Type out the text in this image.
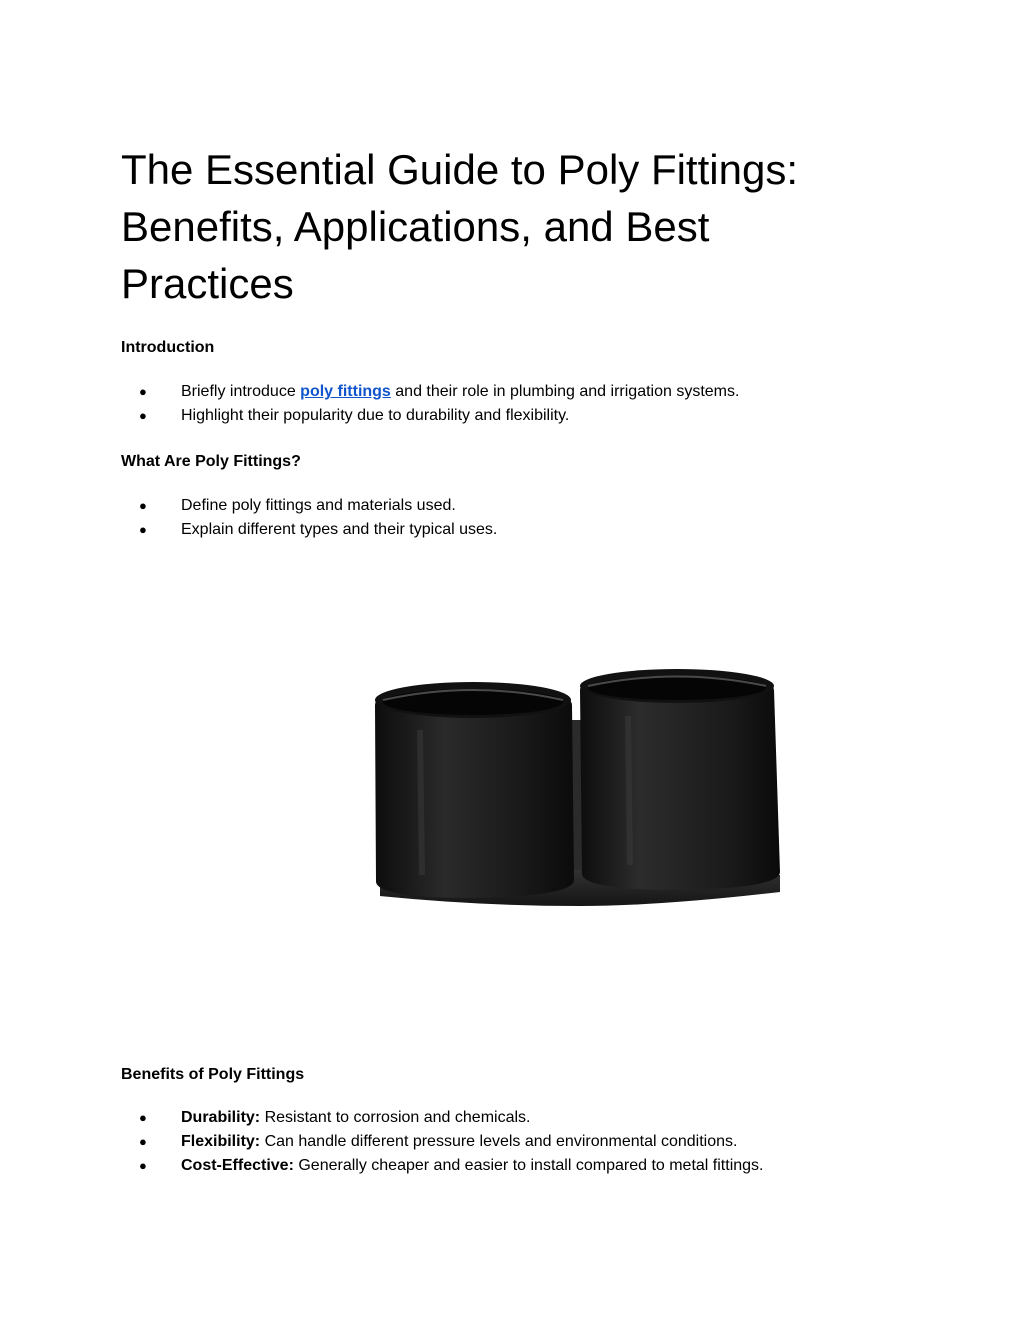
The Essential Guide to Poly Fittings: Benefits, Applications, and Best Practices
Introduction
● Briefly introduce poly fittings and their role in plumbing and irrigation systems.
● Highlight their popularity due to durability and flexibility.
What Are Poly Fittings?
● Define poly fittings and materials used.
● Explain different types and their typical uses.
Benefits of Poly Fittings
● Durability: Resistant to corrosion and chemicals.
● Flexibility: Can handle different pressure levels and environmental conditions.
● Cost-Effective: Generally cheaper and easier to install compared to metal fittings.
